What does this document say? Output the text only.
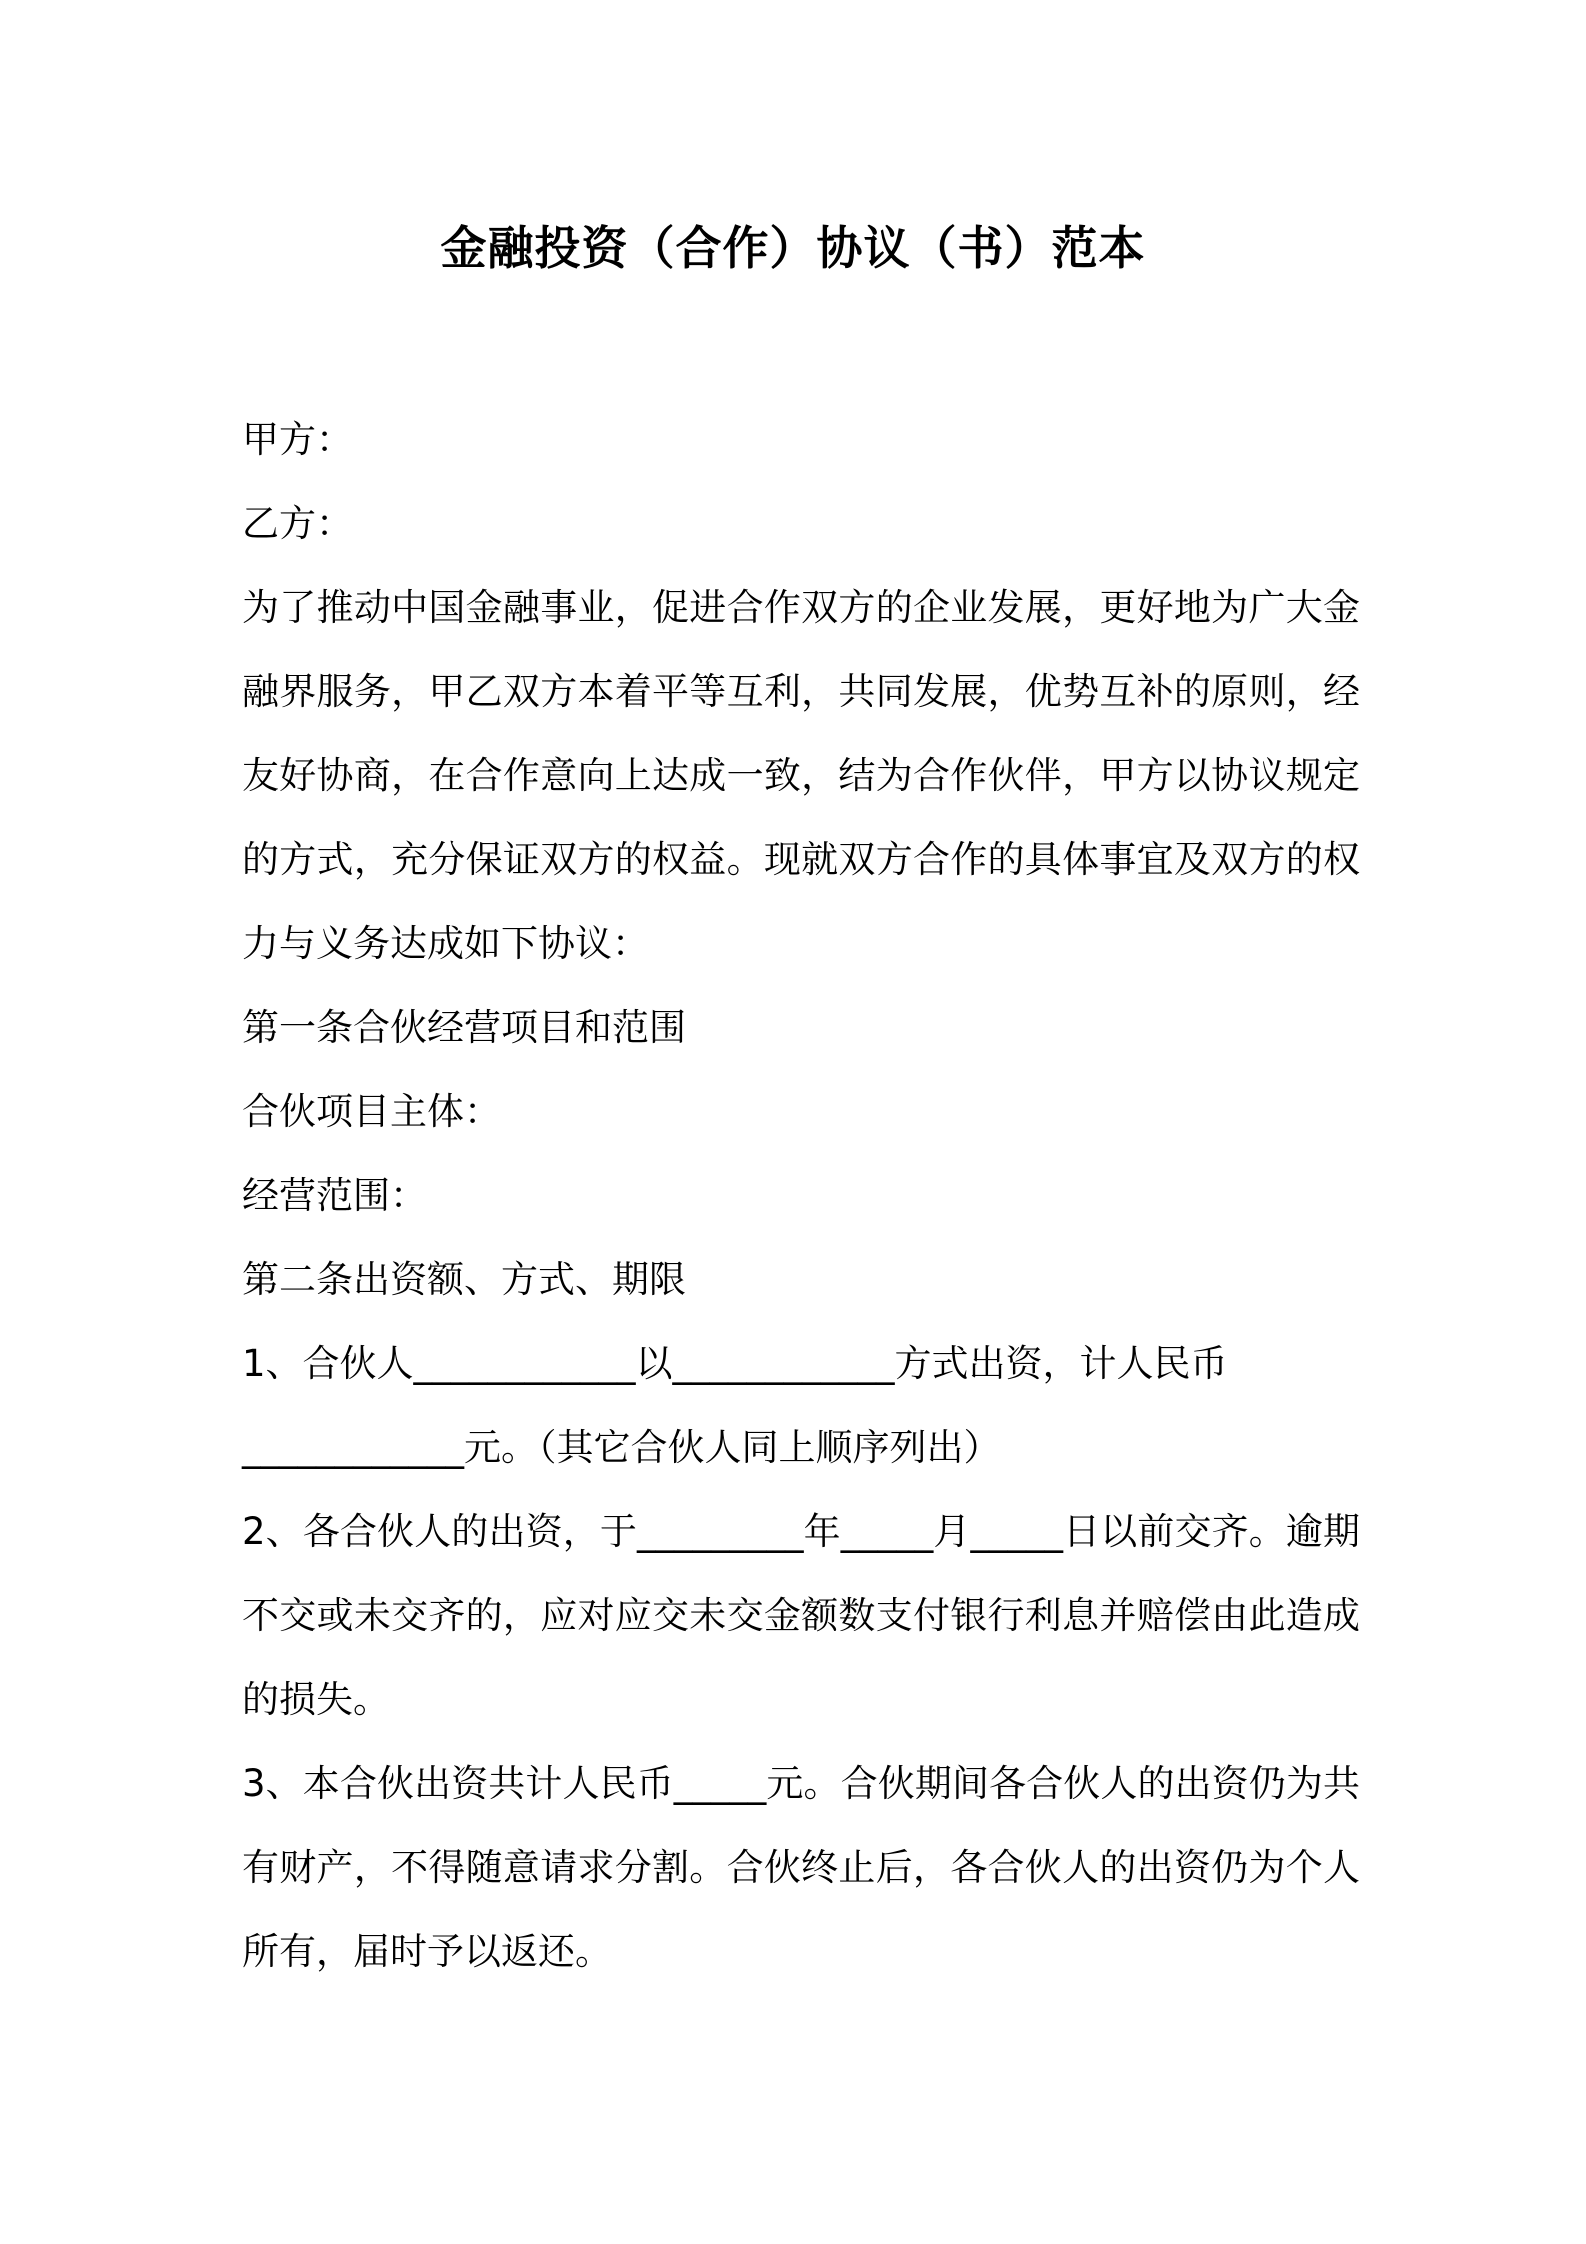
金融投资（合作）协议（书）范本

甲方：

乙方：

为了推动中国金融事业，促进合作双方的企业发展，更好地为广大金融界服务，甲乙双方本着平等互利，共同发展，优势互补的原则，经友好协商，在合作意向上达成一致，结为合作伙伴，甲方以协议规定的方式，充分保证双方的权益。现就双方合作的具体事宜及双方的权力与义务达成如下协议：

第一条合伙经营项目和范围

合伙项目主体：

经营范围：

第二条出资额、方式、期限

1、合伙人____________以____________方式出资，计人民币

____________元。（其它合伙人同上顺序列出）

2、各合伙人的出资，于_________年_____月_____日以前交齐。逾期不交或未交齐的，应对应交未交金额数支付银行利息并赔偿由此造成的损失。

3、本合伙出资共计人民币_____元。合伙期间各合伙人的出资仍为共有财产，不得随意请求分割。合伙终止后，各合伙人的出资仍为个人所有，届时予以返还。
